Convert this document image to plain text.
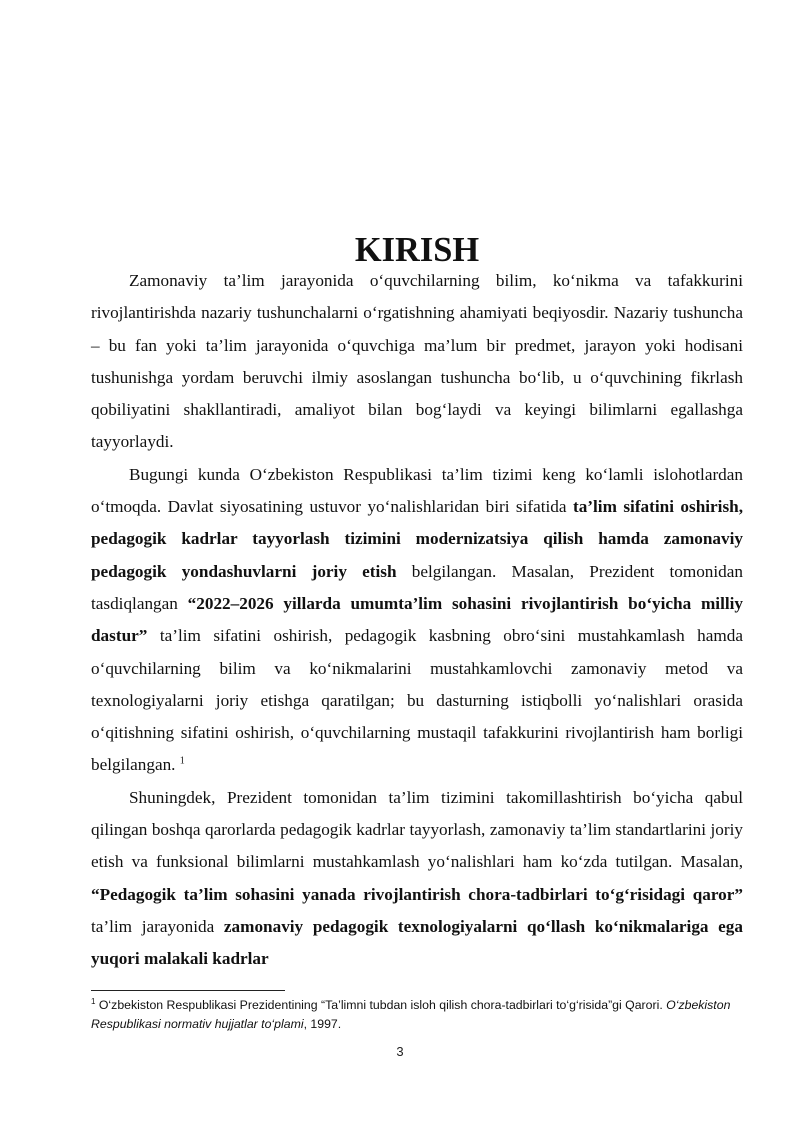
KIRISH

Zamonaviy ta’lim jarayonida o‘quvchilarning bilim, ko‘nikma va tafakkurini rivojlantirishda nazariy tushunchalarni o‘rgatishning ahamiyati beqiyosdir. Nazariy tushuncha – bu fan yoki ta’lim jarayonida o‘quvchiga ma’lum bir predmet, jarayon yoki hodisani tushunishga yordam beruvchi ilmiy asoslangan tushuncha bo‘lib, u o‘quvchining fikrlash qobiliyatini shakllantiradi, amaliyot bilan bog‘laydi va keyingi bilimlarni egallashga tayyorlaydi.

Bugungi kunda O‘zbekiston Respublikasi ta’lim tizimi keng ko‘lamli islohotlardan o‘tmoqda. Davlat siyosatining ustuvor yo‘nalishlaridan biri sifatida ta’lim sifatini oshirish, pedagogik kadrlar tayyorlash tizimini modernizatsiya qilish hamda zamonaviy pedagogik yondashuvlarni joriy etish belgilangan. Masalan, Prezident tomonidan tasdiqlangan “2022–2026 yillarda umumta’lim sohasini rivojlantirish bo‘yicha milliy dastur” ta’lim sifatini oshirish, pedagogik kasbning obro‘sini mustahkamlash hamda o‘quvchilarning bilim va ko‘nikmalarini mustahkamlovchi zamonaviy metod va texnologiyalarni joriy etishga qaratilgan; bu dasturning istiqbolli yo‘nalishlari orasida o‘qitishning sifatini oshirish, o‘quvchilarning mustaqil tafakkurini rivojlantirish ham borligi belgilangan. $^1$

Shuningdek, Prezident tomonidan ta’lim tizimini takomillashtirish bo‘yicha qabul qilingan boshqa qarorlarda pedagogik kadrlar tayyorlash, zamonaviy ta’lim standartlarini joriy etish va funksional bilimlarni mustahkamlash yo‘nalishlari ham ko‘zda tutilgan. Masalan, “Pedagogik ta’lim sohasini yanada rivojlantirish chora-tadbirlari to‘g‘risidagi qaror” ta’lim jarayonida zamonaviy pedagogik texnologiyalarni qo‘llash ko‘nikmalariga ega yuqori malakali kadrlar

$^1$ O‘zbekiston Respublikasi Prezidentining “Ta’limni tubdan isloh qilish chora-tadbirlari to‘g‘risida”gi Qarori. O‘zbekiston Respublikasi normativ hujjatlar to‘plami, 1997.
3
